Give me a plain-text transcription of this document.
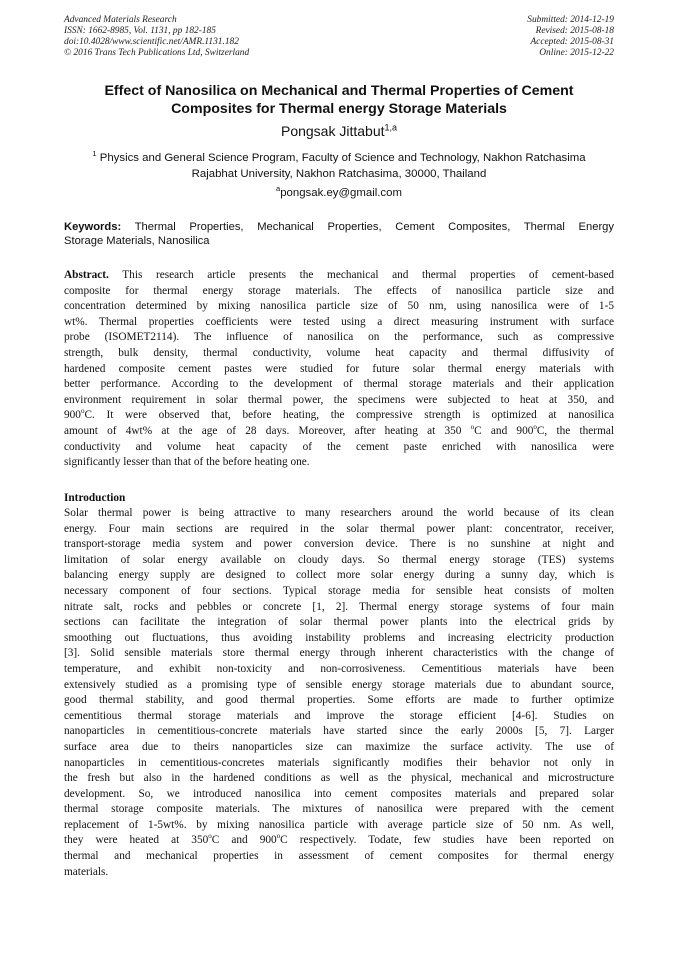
Advanced Materials Research
ISSN: 1662-8985, Vol. 1131, pp 182-185
doi:10.4028/www.scientific.net/AMR.1131.182
© 2016 Trans Tech Publications Ltd, Switzerland
Submitted: 2014-12-19
Revised: 2015-08-18
Accepted: 2015-08-31
Online: 2015-12-22
Effect of Nanosilica on Mechanical and Thermal Properties of Cement
Composites for Thermal energy Storage Materials
Pongsak Jittabut$^{1,a}$
$^1$ Physics and General Science Program, Faculty of Science and Technology, Nakhon Ratchasima
Rajabhat University, Nakhon Ratchasima, 30000, Thailand
$^a$pongsak.ey@gmail.com
Keywords: Thermal Properties, Mechanical Properties, Cement Composites, Thermal Energy
Storage Materials, Nanosilica
Abstract. This research article presents the mechanical and thermal properties of cement-based
composite for thermal energy storage materials. The effects of nanosilica particle size and
concentration determined by mixing nanosilica particle size of 50 nm, using nanosilica were of 1-5
wt%. Thermal properties coefficients were tested using a direct measuring instrument with surface
probe (ISOMET2114). The influence of nanosilica on the performance, such as compressive
strength, bulk density, thermal conductivity, volume heat capacity and thermal diffusivity of
hardened composite cement pastes were studied for future solar thermal energy materials with
better performance. According to the development of thermal storage materials and their application
environment requirement in solar thermal power, the specimens were subjected to heat at 350, and
900$^o$C. It were observed that, before heating, the compressive strength is optimized at nanosilica
amount of 4wt% at the age of 28 days. Moreover, after heating at 350 $^o$C and 900$^o$C, the thermal
conductivity and volume heat capacity of the cement paste enriched with nanosilica were
significantly lesser than that of the before heating one.
Introduction
Solar thermal power is being attractive to many researchers around the world because of its clean
energy. Four main sections are required in the solar thermal power plant: concentrator, receiver,
transport-storage media system and power conversion device. There is no sunshine at night and
limitation of solar energy available on cloudy days. So thermal energy storage (TES) systems
balancing energy supply are designed to collect more solar energy during a sunny day, which is
necessary component of four sections. Typical storage media for sensible heat consists of molten
nitrate salt, rocks and pebbles or concrete [1, 2]. Thermal energy storage systems of four main
sections can facilitate the integration of solar thermal power plants into the electrical grids by
smoothing out fluctuations, thus avoiding instability problems and increasing electricity production
[3]. Solid sensible materials store thermal energy through inherent characteristics with the change of
temperature, and exhibit non-toxicity and non-corrosiveness. Cementitious materials have been
extensively studied as a promising type of sensible energy storage materials due to abundant source,
good thermal stability, and good thermal properties. Some efforts are made to further optimize
cementitious thermal storage materials and improve the storage efficient [4-6]. Studies on
nanoparticles in cementitious-concrete materials have started since the early 2000s [5, 7]. Larger
surface area due to theirs nanoparticles size can maximize the surface activity. The use of
nanoparticles in cementitious-concretes materials significantly modifies their behavior not only in
the fresh but also in the hardened conditions as well as the physical, mechanical and microstructure
development. So, we introduced nanosilica into cement composites materials and prepared solar
thermal storage composite materials. The mixtures of nanosilica were prepared with the cement
replacement of 1-5wt%. by mixing nanosilica particle with average particle size of 50 nm. As well,
they were heated at 350$^o$C and 900$^o$C respectively. Todate, few studies have been reported on
thermal and mechanical properties in assessment of cement composites for thermal energy
materials.
